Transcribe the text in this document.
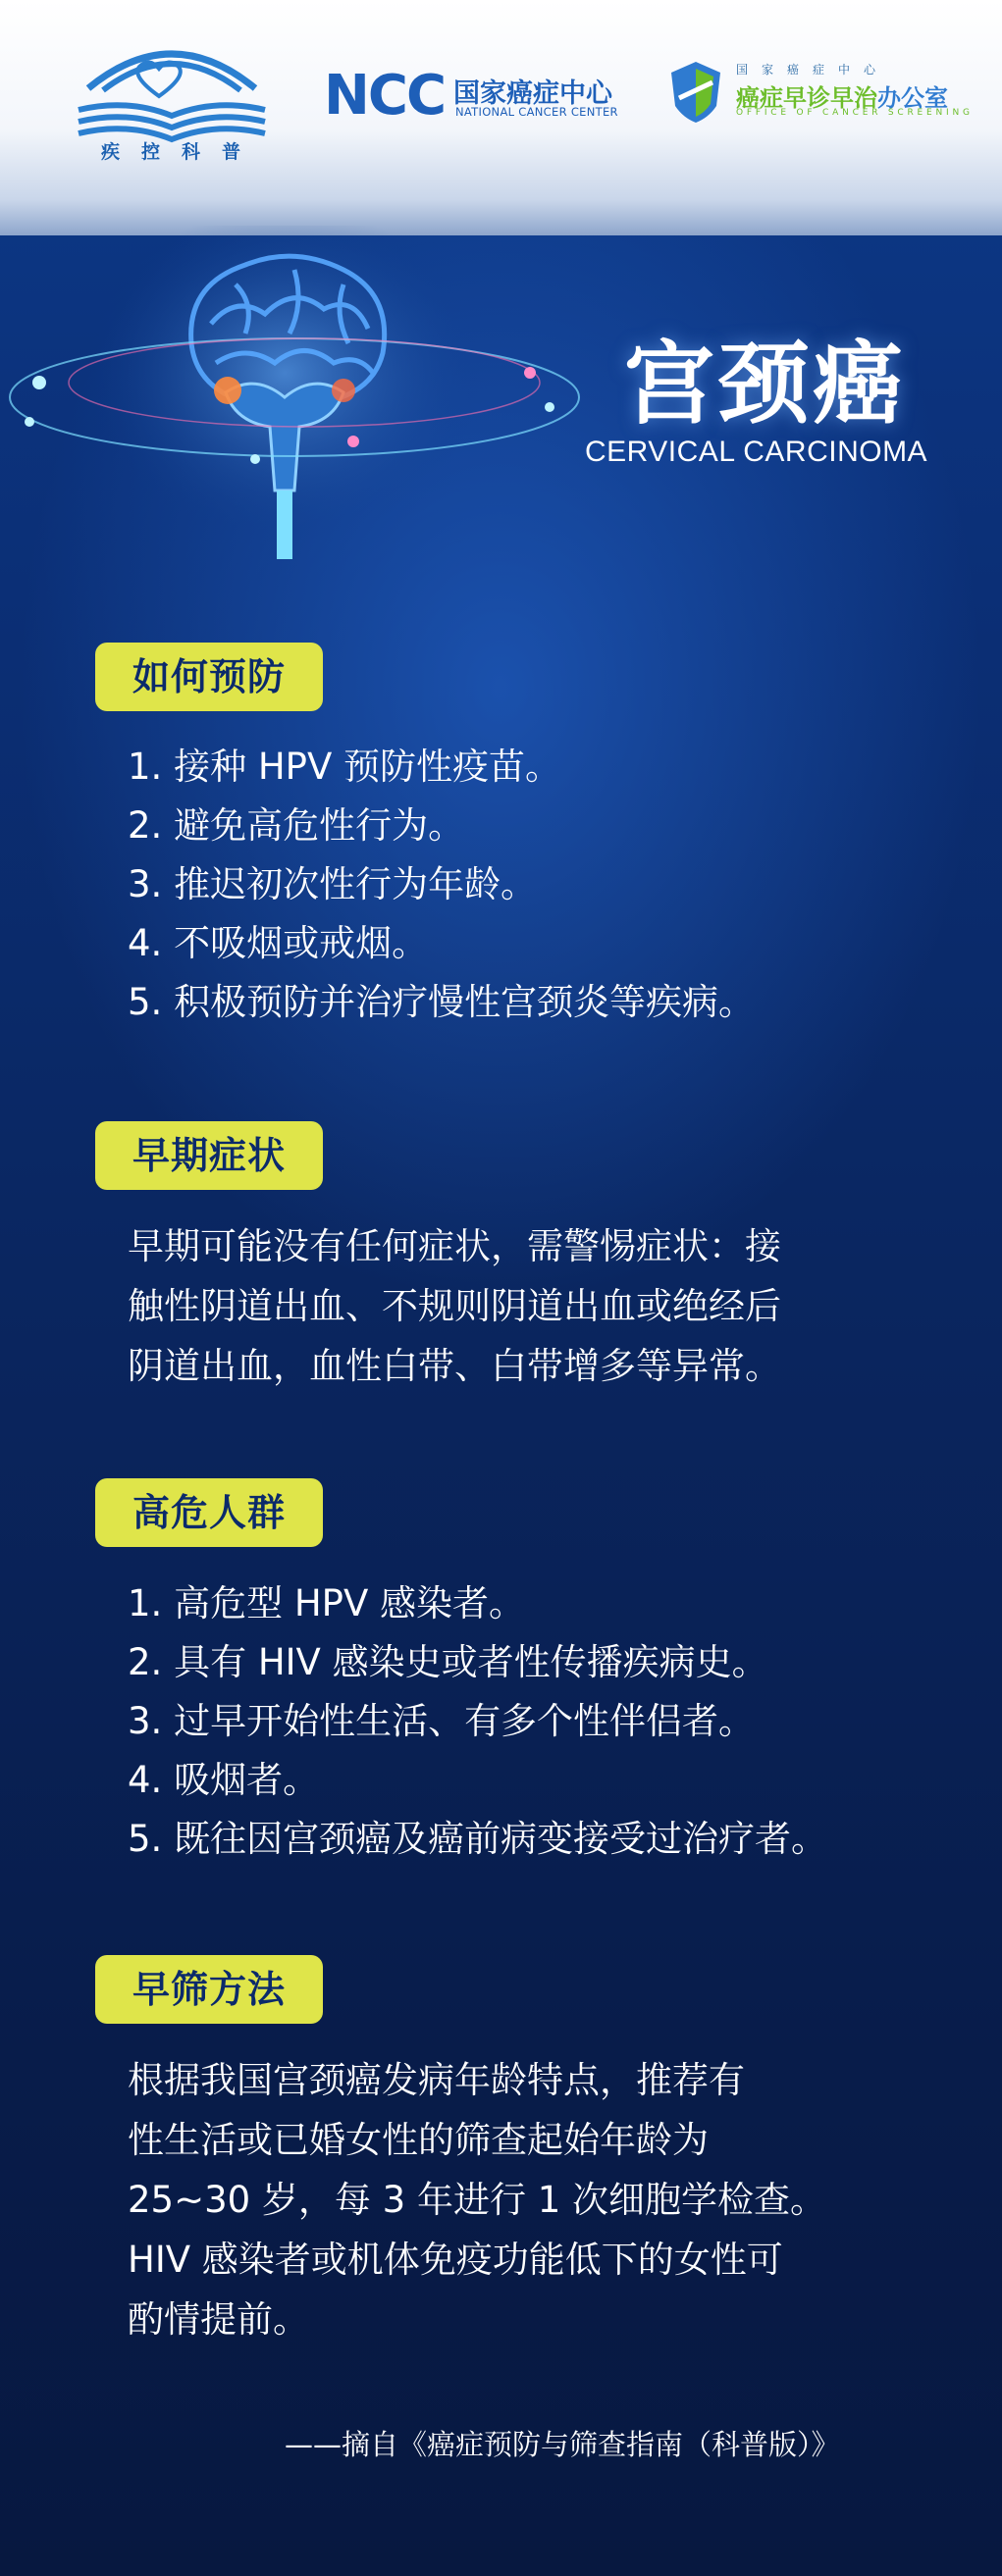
疾控科普
NCC 国家癌症中心
NATIONAL CANCER CENTER
国家癌症中心
癌症早诊早治办公室
OFFICE OF CANCER SCREENING
宫颈癌
CERVICAL CARCINOMA
如何预防
1. 接种 HPV 预防性疫苗。
2. 避免高危性行为。
3. 推迟初次性行为年龄。
4. 不吸烟或戒烟。
5. 积极预防并治疗慢性宫颈炎等疾病。
早期症状
早期可能没有任何症状，需警惕症状：接
触性阴道出血、不规则阴道出血或绝经后
阴道出血，血性白带、白带增多等异常。
高危人群
1. 高危型 HPV 感染者。
2. 具有 HIV 感染史或者性传播疾病史。
3. 过早开始性生活、有多个性伴侣者。
4. 吸烟者。
5. 既往因宫颈癌及癌前病变接受过治疗者。
早筛方法
根据我国宫颈癌发病年龄特点，推荐有
性生活或已婚女性的筛查起始年龄为
25~30 岁，每 3 年进行 1 次细胞学检查。
HIV 感染者或机体免疫功能低下的女性可
酌情提前。
——摘自《癌症预防与筛查指南（科普版）》
